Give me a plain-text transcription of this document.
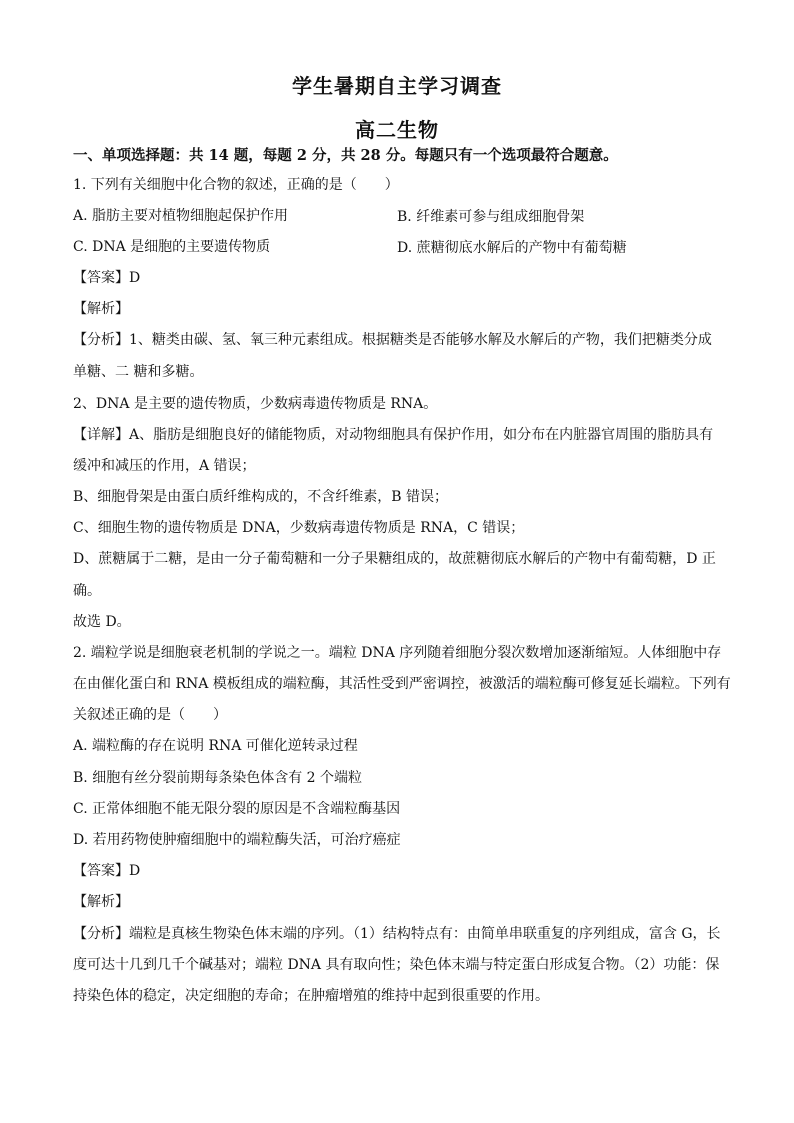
学生暑期自主学习调查
高二生物
一、单项选择题：共 14 题，每题 2 分，共 28 分。每题只有一个选项最符合题意。
1. 下列有关细胞中化合物的叙述，正确的是（　　）
A. 脂肪主要对植物细胞起保护作用	B. 纤维素可参与组成细胞骨架
C. DNA 是细胞的主要遗传物质	D. 蔗糖彻底水解后的产物中有葡萄糖
【答案】D
【解析】
【分析】1、糖类由碳、氢、氧三种元素组成。根据糖类是否能够水解及水解后的产物，我们把糖类分成
单糖、二 糖和多糖。
2、DNA 是主要的遗传物质，少数病毒遗传物质是 RNA。
【详解】A、脂肪是细胞良好的储能物质，对动物细胞具有保护作用，如分布在内脏器官周围的脂肪具有
缓冲和减压的作用，A 错误；
B、细胞骨架是由蛋白质纤维构成的，不含纤维素，B 错误；
C、细胞生物的遗传物质是 DNA，少数病毒遗传物质是 RNA，C 错误；
D、蔗糖属于二糖，是由一分子葡萄糖和一分子果糖组成的，故蔗糖彻底水解后的产物中有葡萄糖，D 正
确。
故选 D。
2. 端粒学说是细胞衰老机制的学说之一。端粒 DNA 序列随着细胞分裂次数增加逐渐缩短。人体细胞中存
在由催化蛋白和 RNA 模板组成的端粒酶，其活性受到严密调控，被激活的端粒酶可修复延长端粒。下列有
关叙述正确的是（　　）
A. 端粒酶的存在说明 RNA 可催化逆转录过程
B. 细胞有丝分裂前期每条染色体含有 2 个端粒
C. 正常体细胞不能无限分裂的原因是不含端粒酶基因
D. 若用药物使肿瘤细胞中的端粒酶失活，可治疗癌症
【答案】D
【解析】
【分析】端粒是真核生物染色体末端的序列。（1）结构特点有：由简单串联重复的序列组成，富含 G，长
度可达十几到几千个碱基对；端粒 DNA 具有取向性；染色体末端与特定蛋白形成复合物。（2）功能：保
持染色体的稳定，决定细胞的寿命；在肿瘤增殖的维持中起到很重要的作用。
